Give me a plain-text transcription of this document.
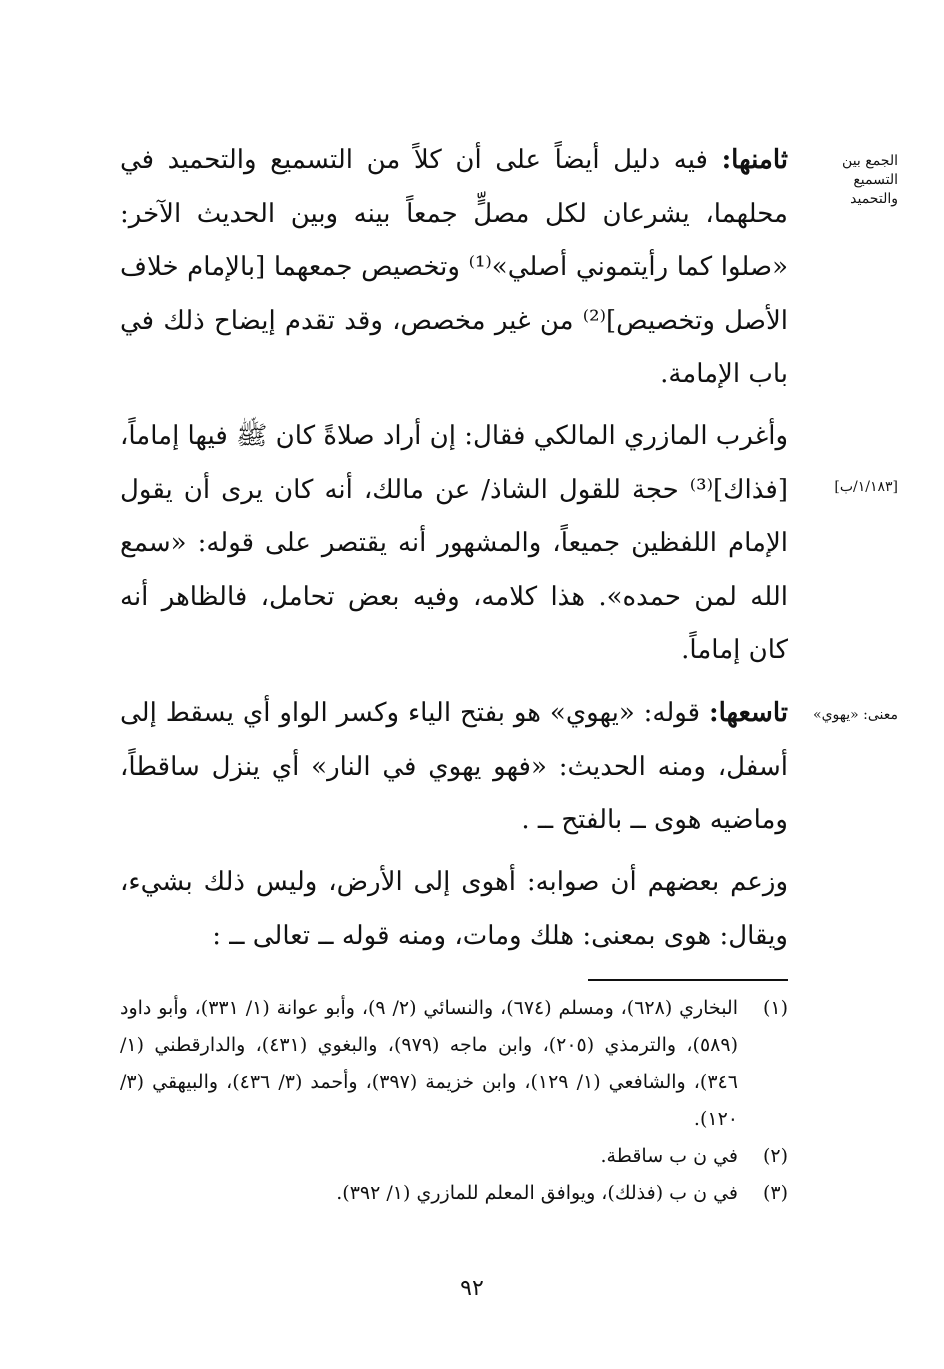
الجمع بين
التسميع
والتحميد
[١/١٨٣/ب]
معنى: «يهوي»

ثامنها: فيه دليل أيضاً على أن كلاً من التسميع والتحميد في محلهما، يشرعان لكل مصلٍّ جمعاً بينه وبين الحديث الآخر: «صلوا كما رأيتموني أصلي»⁽¹⁾ وتخصيص جمعهما [بالإمام خلاف الأصل وتخصيص]⁽²⁾ من غير مخصص، وقد تقدم إيضاح ذلك في باب الإمامة.

وأغرب المازري المالكي فقال: إن أراد صلاةً كان ﷺ فيها إماماً، [فذاك]⁽³⁾ حجة للقول الشاذ/ عن مالك، أنه كان يرى أن يقول الإمام اللفظين جميعاً، والمشهور أنه يقتصر على قوله: «سمع الله لمن حمده». هذا كلامه، وفيه بعض تحامل، فالظاهر أنه كان إماماً.

تاسعها: قوله: «يهوي» هو بفتح الياء وكسر الواو أي يسقط إلى أسفل، ومنه الحديث: «فهو يهوي في النار» أي ينزل ساقطاً، وماضيه هوى ــ بالفتح ــ .

وزعم بعضهم أن صوابه: أهوى إلى الأرض، وليس ذلك بشيء، ويقال: هوى بمعنى: هلك ومات، ومنه قوله ــ تعالى ــ :

(١)
البخاري (٦٢٨)، ومسلم (٦٧٤)، والنسائي (٢/ ٩)، وأبو عوانة (١/ ٣٣١)، وأبو داود (٥٨٩)، والترمذي (٢٠٥)، وابن ماجه (٩٧٩)، والبغوي (٤٣١)، والدارقطني (١/ ٣٤٦)، والشافعي (١/ ١٢٩)، وابن خزيمة (٣٩٧)، وأحمد (٣/ ٤٣٦)، والبيهقي (٣/ ١٢٠).
(٢)
في ن ب ساقطة.
(٣)
في ن ب (فذلك)، ويوافق المعلم للمازري (١/ ٣٩٢).
٩٢
